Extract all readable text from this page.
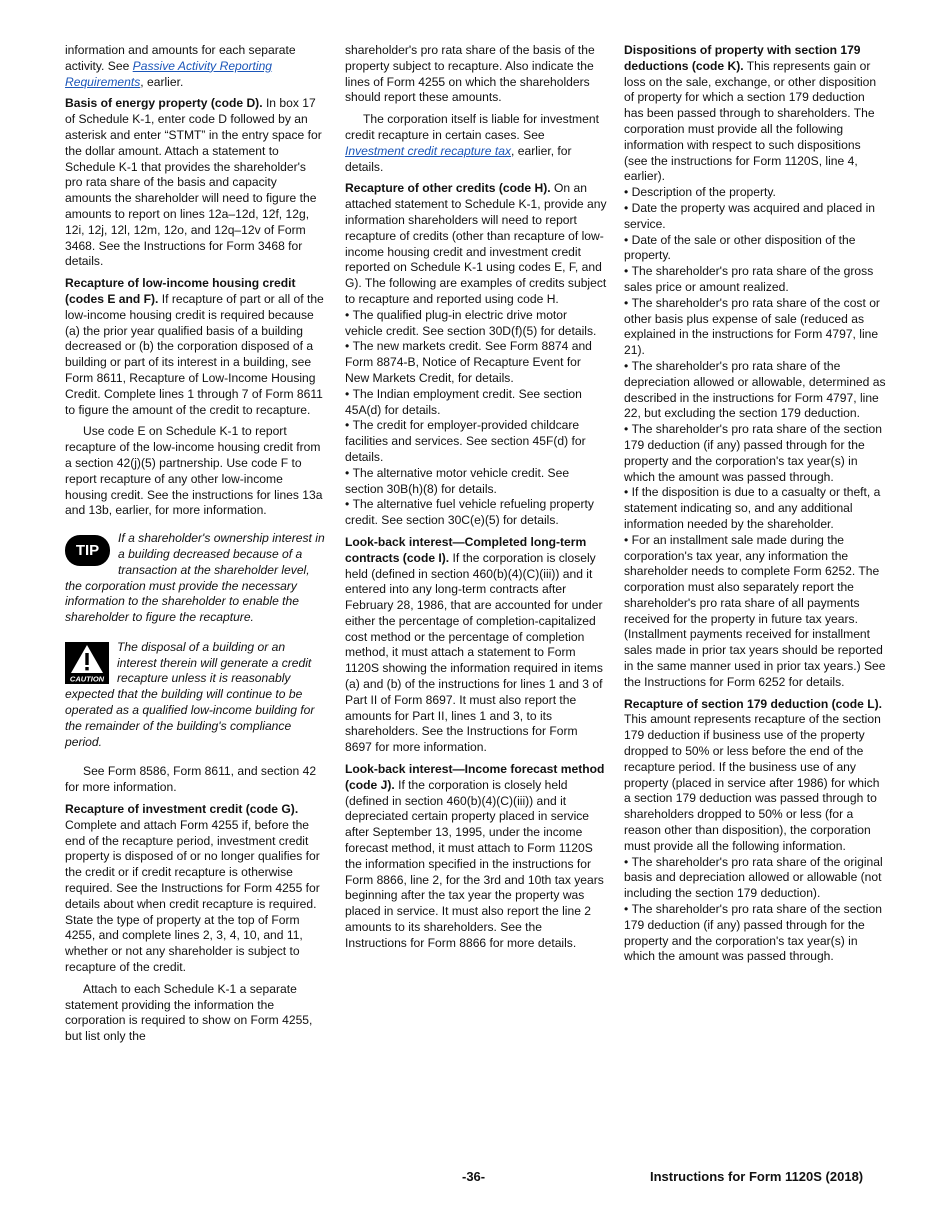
information and amounts for each separate activity. See Passive Activity Reporting Requirements, earlier.

Basis of energy property (code D). In box 17 of Schedule K-1, enter code D followed by an asterisk and enter “STMT” in the entry space for the dollar amount. Attach a statement to Schedule K-1 that provides the shareholder's pro rata share of the basis and capacity amounts the shareholder will need to figure the amounts to report on lines 12a–12d, 12f, 12g, 12i, 12j, 12l, 12m, 12o, and 12q–12v of Form 3468. See the Instructions for Form 3468 for details.

Recapture of low-income housing credit (codes E and F). If recapture of part or all of the low-income housing credit is required because (a) the prior year qualified basis of a building decreased or (b) the corporation disposed of a building or part of its interest in a building, see Form 8611, Recapture of Low-Income Housing Credit. Complete lines 1 through 7 of Form 8611 to figure the amount of the credit to recapture.

Use code E on Schedule K-1 to report recapture of the low-income housing credit from a section 42(j)(5) partnership. Use code F to report recapture of any other low-income housing credit. See the instructions for lines 13a and 13b, earlier, for more information.

TIP
If a shareholder's ownership interest in a building decreased because of a transaction at the shareholder level, the corporation must provide the necessary information to the shareholder to enable the shareholder to figure the recapture.
CAUTION
The disposal of a building or an interest therein will generate a credit recapture unless it is reasonably expected that the building will continue to be operated as a qualified low-income building for the remainder of the building's compliance period.

See Form 8586, Form 8611, and section 42 for more information.

Recapture of investment credit (code G). Complete and attach Form 4255 if, before the end of the recapture period, investment credit property is disposed of or no longer qualifies for the credit or if credit recapture is otherwise required. See the Instructions for Form 4255 for details about when credit recapture is required. State the type of property at the top of Form 4255, and complete lines 2, 3, 4, 10, and 11, whether or not any shareholder is subject to recapture of the credit.

Attach to each Schedule K-1 a separate statement providing the information the corporation is required to show on Form 4255, but list only the

shareholder's pro rata share of the basis of the property subject to recapture. Also indicate the lines of Form 4255 on which the shareholders should report these amounts.

The corporation itself is liable for investment credit recapture in certain cases. See Investment credit recapture tax, earlier, for details.

Recapture of other credits (code H). On an attached statement to Schedule K-1, provide any information shareholders will need to report recapture of credits (other than recapture of low-income housing credit and investment credit reported on Schedule K-1 using codes E, F, and G). The following are examples of credits subject to recapture and reported using code H.

• The qualified plug-in electric drive motor vehicle credit. See section 30D(f)(5) for details.
• The new markets credit. See Form 8874 and Form 8874-B, Notice of Recapture Event for New Markets Credit, for details.
• The Indian employment credit. See section 45A(d) for details.
• The credit for employer-provided childcare facilities and services. See section 45F(d) for details.
• The alternative motor vehicle credit. See section 30B(h)(8) for details.
• The alternative fuel vehicle refueling property credit. See section 30C(e)(5) for details.

Look-back interest—Completed long-term contracts (code I). If the corporation is closely held (defined in section 460(b)(4)(C)(iii)) and it entered into any long-term contracts after February 28, 1986, that are accounted for under either the percentage of completion-capitalized cost method or the percentage of completion method, it must attach a statement to Form 1120S showing the information required in items (a) and (b) of the instructions for lines 1 and 3 of Part II of Form 8697. It must also report the amounts for Part II, lines 1 and 3, to its shareholders. See the Instructions for Form 8697 for more information.

Look-back interest—Income forecast method (code J). If the corporation is closely held (defined in section 460(b)(4)(C)(iii)) and it depreciated certain property placed in service after September 13, 1995, under the income forecast method, it must attach to Form 1120S the information specified in the instructions for Form 8866, line 2, for the 3rd and 10th tax years beginning after the tax year the property was placed in service. It must also report the line 2 amounts to its shareholders. See the Instructions for Form 8866 for more details.

Dispositions of property with section 179 deductions (code K). This represents gain or loss on the sale, exchange, or other disposition of property for which a section 179 deduction has been passed through to shareholders. The corporation must provide all the following information with respect to such dispositions (see the instructions for Form 1120S, line 4, earlier).

• Description of the property.
• Date the property was acquired and placed in service.
• Date of the sale or other disposition of the property.
• The shareholder's pro rata share of the gross sales price or amount realized.
• The shareholder's pro rata share of the cost or other basis plus expense of sale (reduced as explained in the instructions for Form 4797, line 21).
• The shareholder's pro rata share of the depreciation allowed or allowable, determined as described in the instructions for Form 4797, line 22, but excluding the section 179 deduction.
• The shareholder's pro rata share of the section 179 deduction (if any) passed through for the property and the corporation's tax year(s) in which the amount was passed through.
• If the disposition is due to a casualty or theft, a statement indicating so, and any additional information needed by the shareholder.
• For an installment sale made during the corporation's tax year, any information the shareholder needs to complete Form 6252. The corporation must also separately report the shareholder's pro rata share of all payments received for the property in future tax years. (Installment payments received for installment sales made in prior tax years should be reported in the same manner used in prior tax years.) See the Instructions for Form 6252 for details.

Recapture of section 179 deduction (code L). This amount represents recapture of the section 179 deduction if business use of the property dropped to 50% or less before the end of the recapture period. If the business use of any property (placed in service after 1986) for which a section 179 deduction was passed through to shareholders dropped to 50% or less (for a reason other than disposition), the corporation must provide all the following information.

• The shareholder's pro rata share of the original basis and depreciation allowed or allowable (not including the section 179 deduction).
• The shareholder's pro rata share of the section 179 deduction (if any) passed through for the property and the corporation's tax year(s) in which the amount was passed through.
-36-	Instructions for Form 1120S (2018)
